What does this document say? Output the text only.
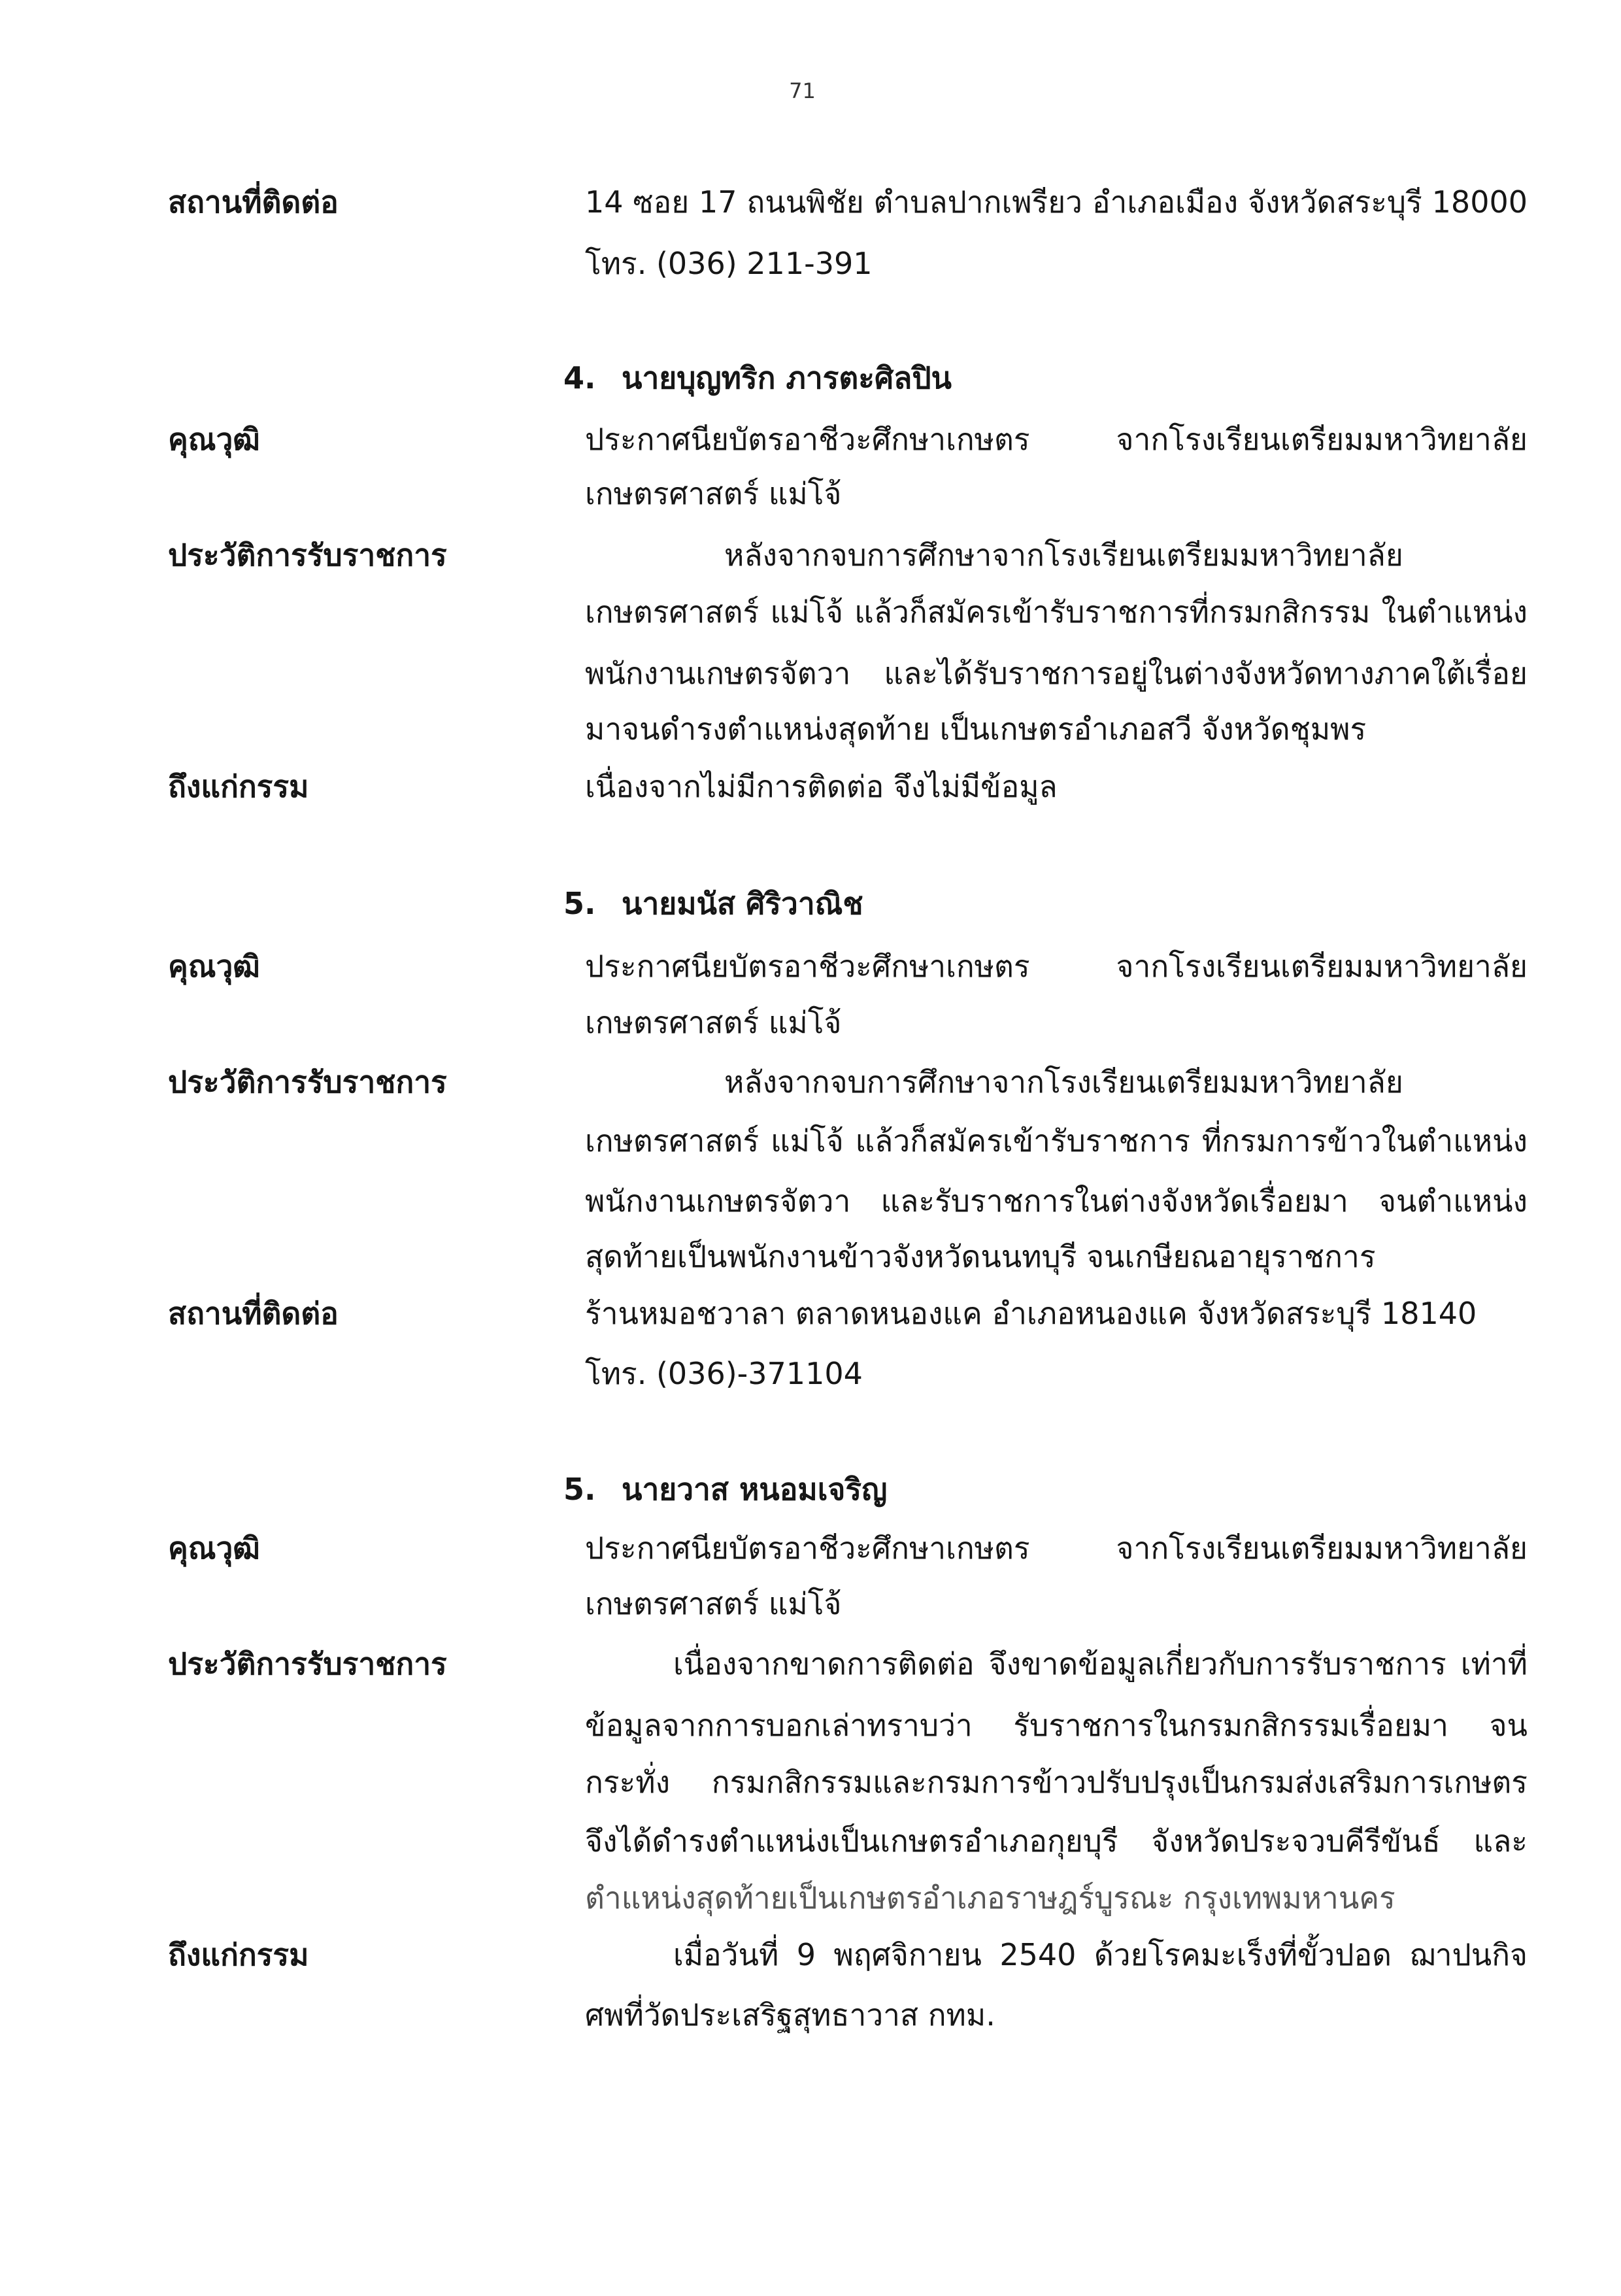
71
สถานที่ติดต่อ	14 ซอย 17 ถนนพิชัย ตำบลปากเพรียว อำเภอเมือง จังหวัดสระบุรี 18000
โทร. (036) 211-391
4. นายบุญทริก ภารตะศิลปิน
คุณวุฒิ	ประกาศนียบัตรอาชีวะศึกษาเกษตร จากโรงเรียนเตรียมมหาวิทยาลัย
เกษตรศาสตร์ แม่โจ้
ประวัติการรับราชการ	หลังจากจบการศึกษาจากโรงเรียนเตรียมมหาวิทยาลัย
เกษตรศาสตร์ แม่โจ้ แล้วก็สมัครเข้ารับราชการที่กรมกสิกรรม ในตำแหน่ง
พนักงานเกษตรจัตวา และได้รับราชการอยู่ในต่างจังหวัดทางภาคใต้เรื่อย
มาจนดำรงตำแหน่งสุดท้าย เป็นเกษตรอำเภอสวี จังหวัดชุมพร
ถึงแก่กรรม	เนื่องจากไม่มีการติดต่อ จึงไม่มีข้อมูล
5. นายมนัส ศิริวาณิช
คุณวุฒิ	ประกาศนียบัตรอาชีวะศึกษาเกษตร จากโรงเรียนเตรียมมหาวิทยาลัย
เกษตรศาสตร์ แม่โจ้
ประวัติการรับราชการ	หลังจากจบการศึกษาจากโรงเรียนเตรียมมหาวิทยาลัย
เกษตรศาสตร์ แม่โจ้ แล้วก็สมัครเข้ารับราชการ ที่กรมการข้าวในตำแหน่ง
พนักงานเกษตรจัตวา และรับราชการในต่างจังหวัดเรื่อยมา จนตำแหน่ง
สุดท้ายเป็นพนักงานข้าวจังหวัดนนทบุรี จนเกษียณอายุราชการ
สถานที่ติดต่อ	ร้านหมอชวาลา ตลาดหนองแค อำเภอหนองแค จังหวัดสระบุรี 18140
โทร. (036)-371104
5. นายวาส หนอมเจริญ
คุณวุฒิ	ประกาศนียบัตรอาชีวะศึกษาเกษตร จากโรงเรียนเตรียมมหาวิทยาลัย
เกษตรศาสตร์ แม่โจ้
ประวัติการรับราชการ	เนื่องจากขาดการติดต่อ จึงขาดข้อมูลเกี่ยวกับการรับราชการ เท่าที่
ข้อมูลจากการบอกเล่าทราบว่า รับราชการในกรมกสิกรรมเรื่อยมา จน
กระทั่ง กรมกสิกรรมและกรมการข้าวปรับปรุงเป็นกรมส่งเสริมการเกษตร
จึงได้ดำรงตำแหน่งเป็นเกษตรอำเภอกุยบุรี จังหวัดประจวบคีรีขันธ์ และ
ตำแหน่งสุดท้ายเป็นเกษตรอำเภอราษฎร์บูรณะ กรุงเทพมหานคร
ถึงแก่กรรม	เมื่อวันที่ 9 พฤศจิกายน 2540 ด้วยโรคมะเร็งที่ขั้วปอด ฌาปนกิจ
ศพที่วัดประเสริฐสุทธาวาส กทม.
